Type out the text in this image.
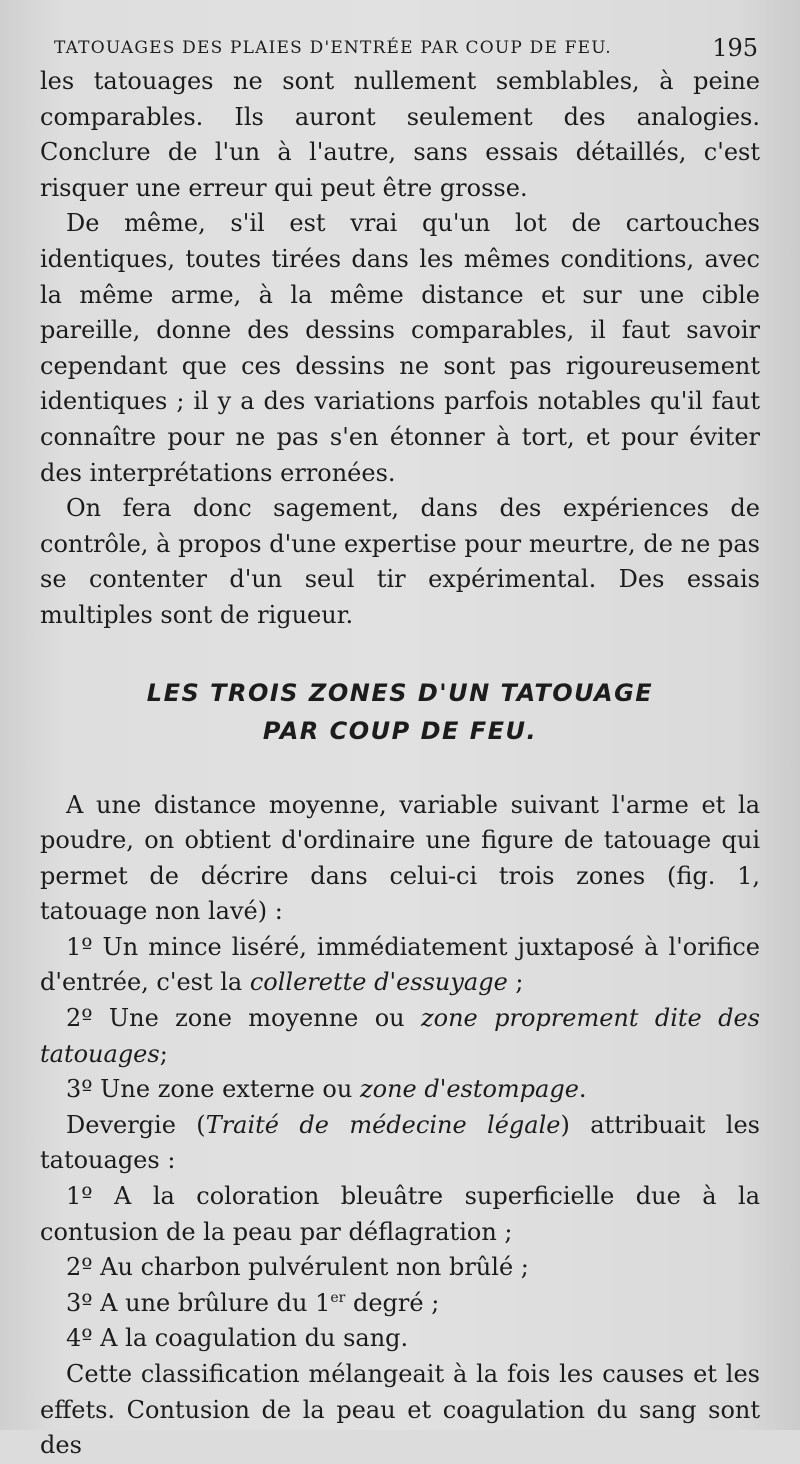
TATOUAGES DES PLAIES D'ENTRÉE PAR COUP DE FEU.	195

les tatouages ne sont nullement semblables, à peine comparables. Ils auront seulement des analogies. Conclure de l'un à l'autre, sans essais détaillés, c'est risquer une erreur qui peut être grosse.

De même, s'il est vrai qu'un lot de cartouches identiques, toutes tirées dans les mêmes conditions, avec la même arme, à la même distance et sur une cible pareille, donne des dessins comparables, il faut savoir cependant que ces dessins ne sont pas rigoureusement identiques ; il y a des variations parfois notables qu'il faut connaître pour ne pas s'en étonner à tort, et pour éviter des interprétations erronées.

On fera donc sagement, dans des expériences de contrôle, à propos d'une expertise pour meurtre, de ne pas se contenter d'un seul tir expérimental. Des essais multiples sont de rigueur.

LES TROIS ZONES D'UN TATOUAGE
PAR COUP DE FEU.

A une distance moyenne, variable suivant l'arme et la poudre, on obtient d'ordinaire une figure de tatouage qui permet de décrire dans celui-ci trois zones (fig. 1, tatouage non lavé) :

1º Un mince liséré, immédiatement juxtaposé à l'orifice d'entrée, c'est la collerette d'essuyage ;

2º Une zone moyenne ou zone proprement dite des tatouages;

3º Une zone externe ou zone d'estompage.

Devergie (Traité de médecine légale) attribuait les tatouages :

1º A la coloration bleuâtre superficielle due à la contusion de la peau par déflagration ;

2º Au charbon pulvérulent non brûlé ;

3º A une brûlure du 1er degré ;

4º A la coagulation du sang.

Cette classification mélangeait à la fois les causes et les effets. Contusion de la peau et coagulation du sang sont des
